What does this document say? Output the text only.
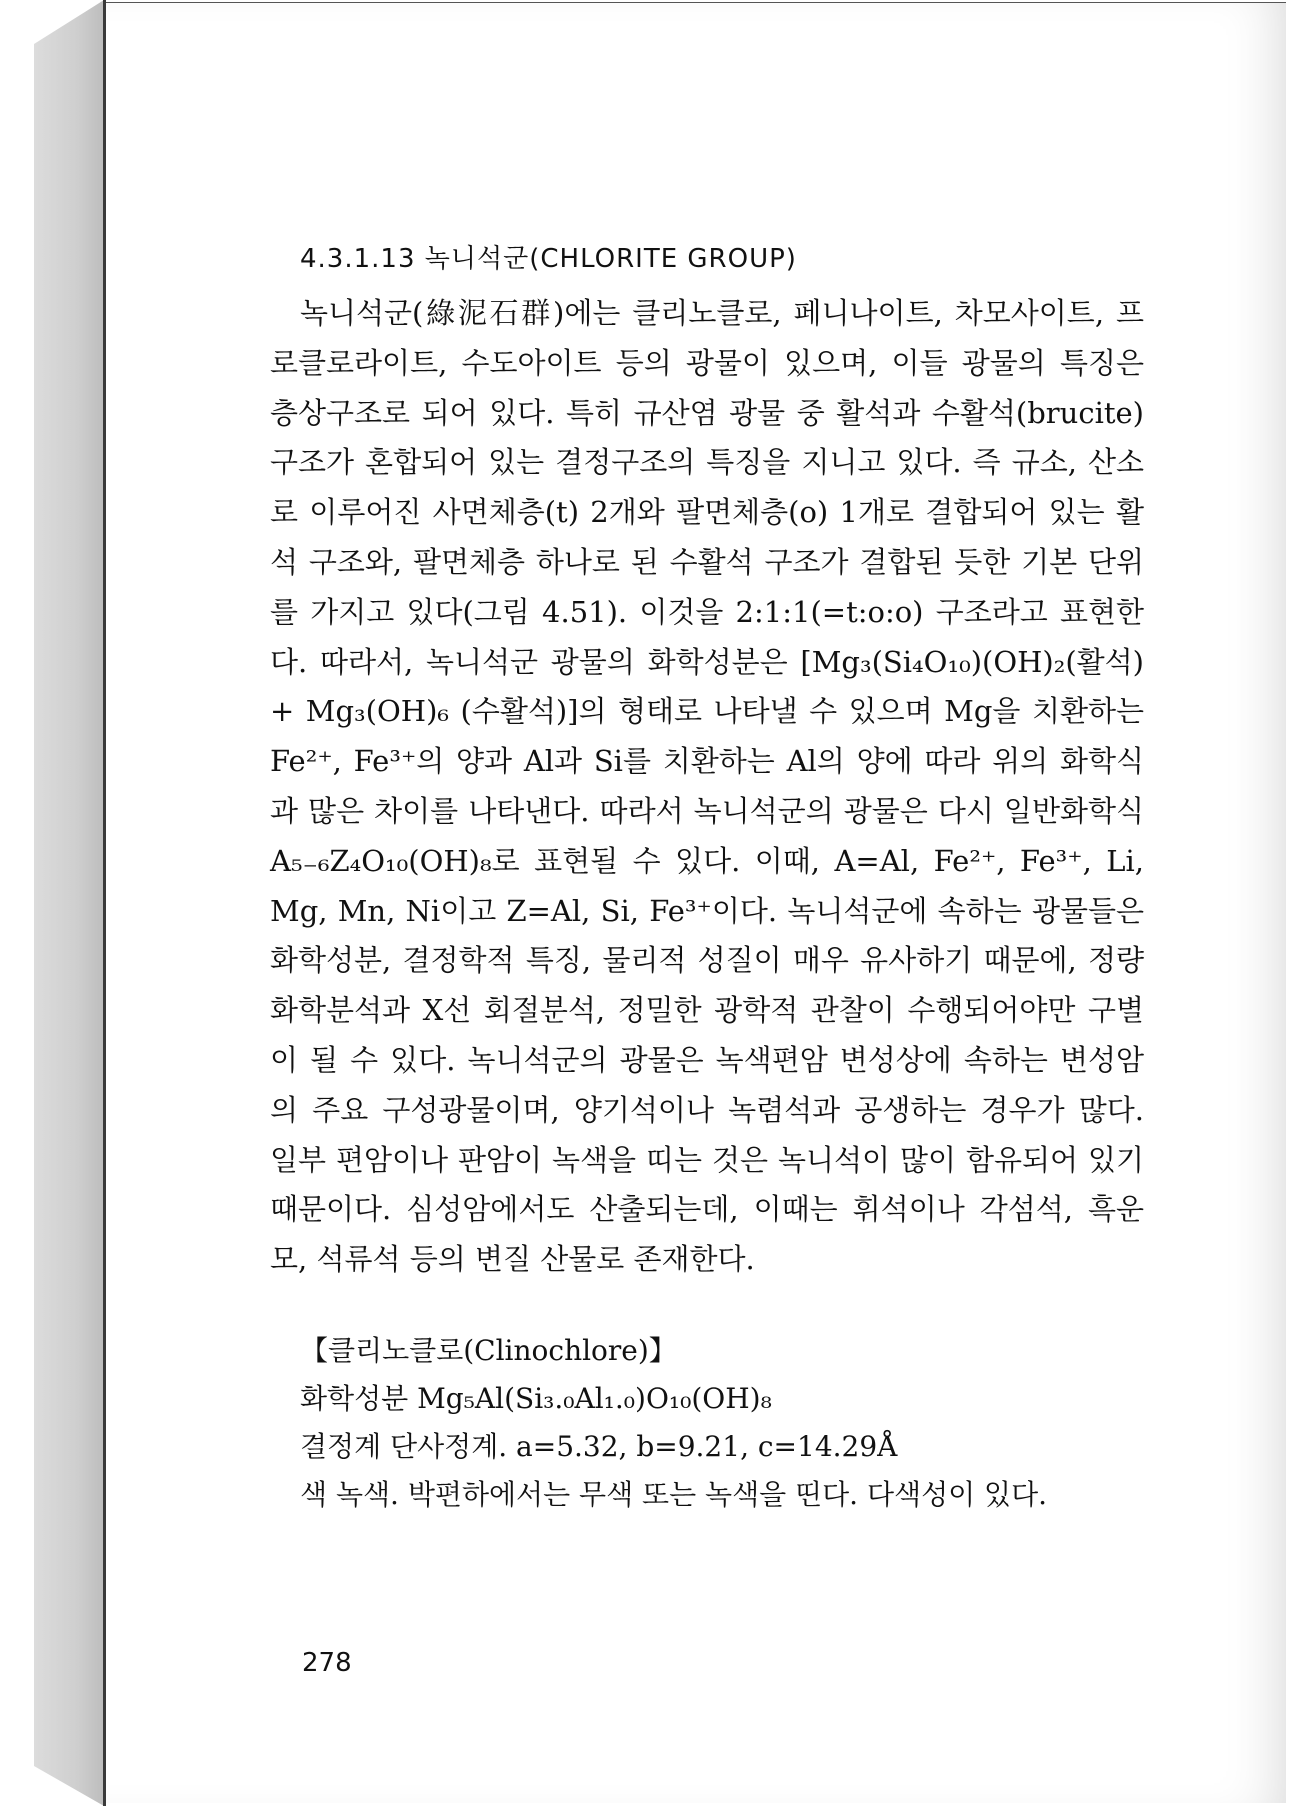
4.3.1.13 녹니석군(CHLORITE GROUP)

녹니석군(綠泥石群)에는 클리노클로, 페니나이트, 차모사이트, 프로클로라이트, 수도아이트 등의 광물이 있으며, 이들 광물의 특징은 층상구조로 되어 있다. 특히 규산염 광물 중 활석과 수활석(brucite) 구조가 혼합되어 있는 결정구조의 특징을 지니고 있다. 즉 규소, 산소로 이루어진 사면체층(t) 2개와 팔면체층(o) 1개로 결합되어 있는 활석 구조와, 팔면체층 하나로 된 수활석 구조가 결합된 듯한 기본 단위를 가지고 있다(그림 4.51). 이것을 2:1:1(=t:o:o) 구조라고 표현한다. 따라서, 녹니석군 광물의 화학성분은 [Mg₃(Si₄O₁₀)(OH)₂(활석) + Mg₃(OH)₆ (수활석)]의 형태로 나타낼 수 있으며 Mg을 치환하는 Fe²⁺, Fe³⁺의 양과 Al과 Si를 치환하는 Al의 양에 따라 위의 화학식과 많은 차이를 나타낸다. 따라서 녹니석군의 광물은 다시 일반화학식 A₅₋₆Z₄O₁₀(OH)₈로 표현될 수 있다. 이때, A=Al, Fe²⁺, Fe³⁺, Li, Mg, Mn, Ni이고 Z=Al, Si, Fe³⁺이다. 녹니석군에 속하는 광물들은 화학성분, 결정학적 특징, 물리적 성질이 매우 유사하기 때문에, 정량화학분석과 X선 회절분석, 정밀한 광학적 관찰이 수행되어야만 구별이 될 수 있다. 녹니석군의 광물은 녹색편암 변성상에 속하는 변성암의 주요 구성광물이며, 양기석이나 녹렴석과 공생하는 경우가 많다. 일부 편암이나 판암이 녹색을 띠는 것은 녹니석이 많이 함유되어 있기 때문이다. 심성암에서도 산출되는데, 이때는 휘석이나 각섬석, 흑운모, 석류석 등의 변질 산물로 존재한다.

【클리노클로(Clinochlore)】
화학성분 Mg₅Al(Si₃.₀Al₁.₀)O₁₀(OH)₈
결정계 단사정계. a=5.32, b=9.21, c=14.29Å
색 녹색. 박편하에서는 무색 또는 녹색을 띤다. 다색성이 있다.
278
